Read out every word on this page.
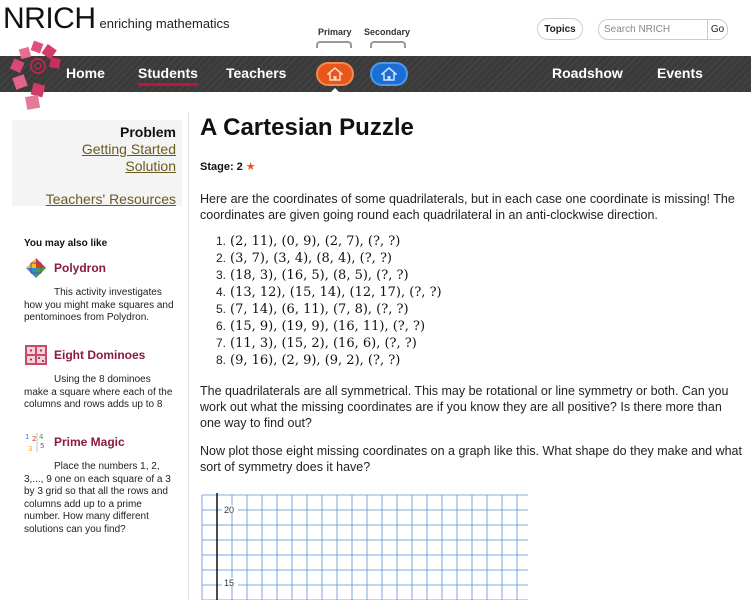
NRICH enriching mathematics
Primary Secondary	Topics
Search NRICH	Go
Home Students Teachers	Roadshow Events
Problem
Getting Started
Solution
Teachers' Resources
You may also like
Polydron
This activity investigates how you might make squares and pentominoes from Polydron.
Eight Dominoes
Using the 8 dominoes make a square where each of the columns and rows adds up to 8
1 2 4
3 5 Prime Magic
Place the numbers 1, 2, 3,..., 9 one on each square of a 3 by 3 grid so that all the rows and columns add up to a prime number. How many different solutions can you find?
A Cartesian Puzzle
Stage: 2 ★

Here are the coordinates of some quadrilaterals, but in each case one coordinate is missing! The coordinates are given going round each quadrilateral in an anti-clockwise direction.

1. (2, 11), (0, 9), (2, 7), (?, ?)
2. (3, 7), (3, 4), (8, 4), (?, ?)
3. (18, 3), (16, 5), (8, 5), (?, ?)
4. (13, 12), (15, 14), (12, 17), (?, ?)
5. (7, 14), (6, 11), (7, 8), (?, ?)
6. (15, 9), (19, 9), (16, 11), (?, ?)
7. (11, 3), (15, 2), (16, 6), (?, ?)
8. (9, 16), (2, 9), (9, 2), (?, ?)

The quadrilaterals are all symmetrical. This may be rotational or line symmetry or both. Can you work out what the missing coordinates are if you know they are all positive? Is there more than one way to find out?

Now plot those eight missing coordinates on a graph like this. What shape do they make and what sort of symmetry does it have?

20
15
